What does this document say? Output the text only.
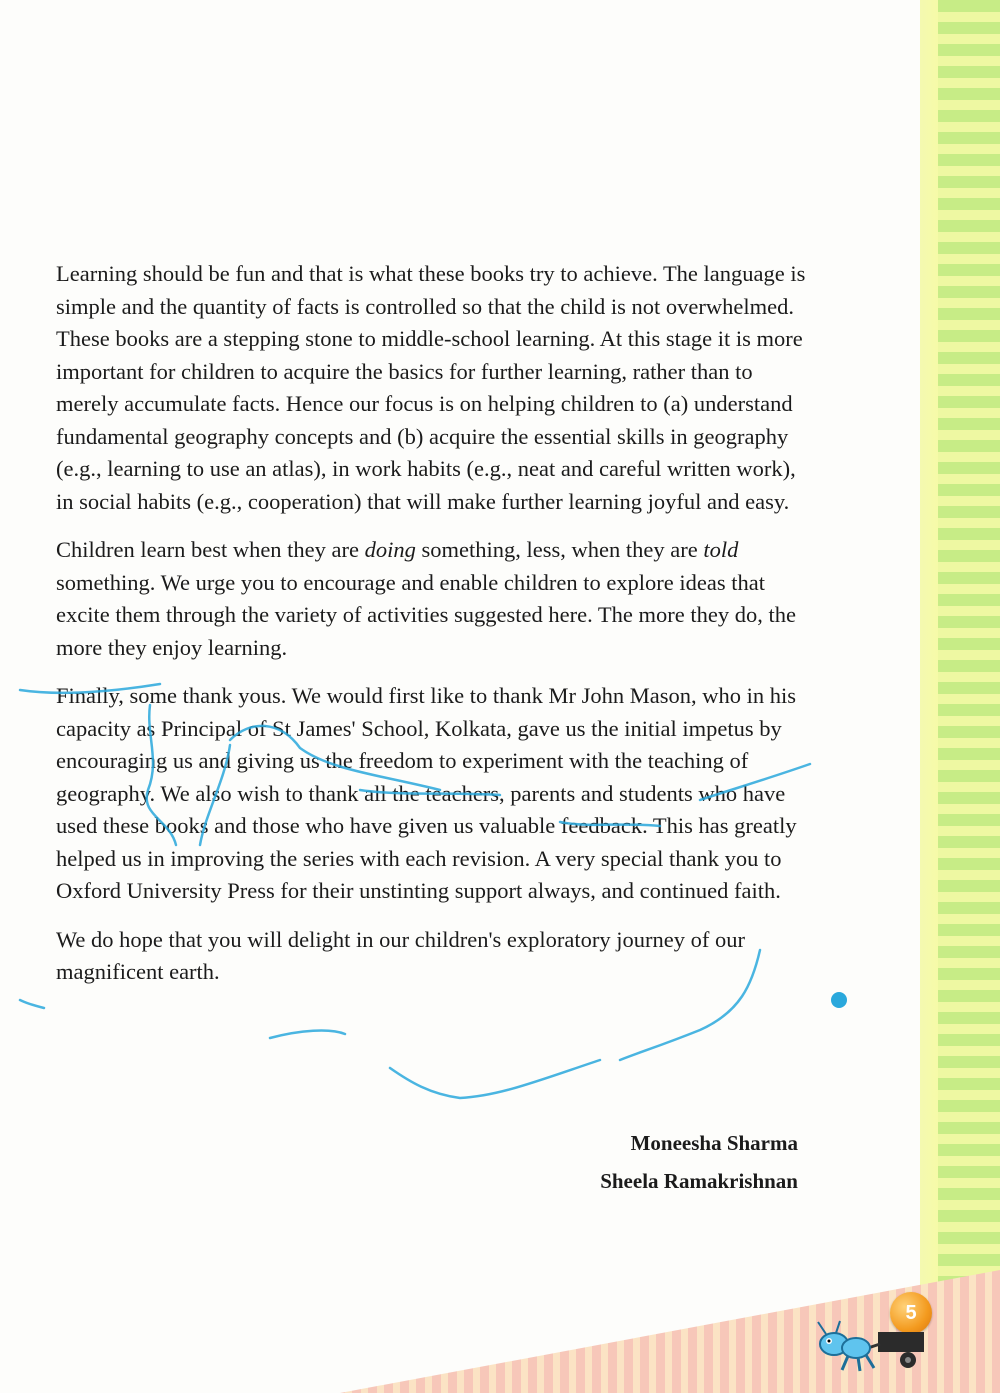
Learning should be fun and that is what these books try to achieve. The language is simple and the quantity of facts is controlled so that the child is not overwhelmed. These books are a stepping stone to middle-school learning. At this stage it is more important for children to acquire the basics for further learning, rather than to merely accumulate facts. Hence our focus is on helping children to (a) understand fundamental geography concepts and (b) acquire the essential skills in geography (e.g., learning to use an atlas), in work habits (e.g., neat and careful written work), in social habits (e.g., cooperation) that will make further learning joyful and easy.

Children learn best when they are doing something, less, when they are told something. We urge you to encourage and enable children to explore ideas that excite them through the variety of activities suggested here. The more they do, the more they enjoy learning.

Finally, some thank yous. We would first like to thank Mr John Mason, who in his capacity as Principal of St James' School, Kolkata, gave us the initial impetus by encouraging us and giving us the freedom to experiment with the teaching of geography. We also wish to thank all the teachers, parents and students who have used these books and those who have given us valuable feedback. This has greatly helped us in improving the series with each revision. A very special thank you to Oxford University Press for their unstinting support always, and continued faith.

We do hope that you will delight in our children's exploratory journey of our magnificent earth.

Moneesha Sharma
Sheela Ramakrishnan
5
